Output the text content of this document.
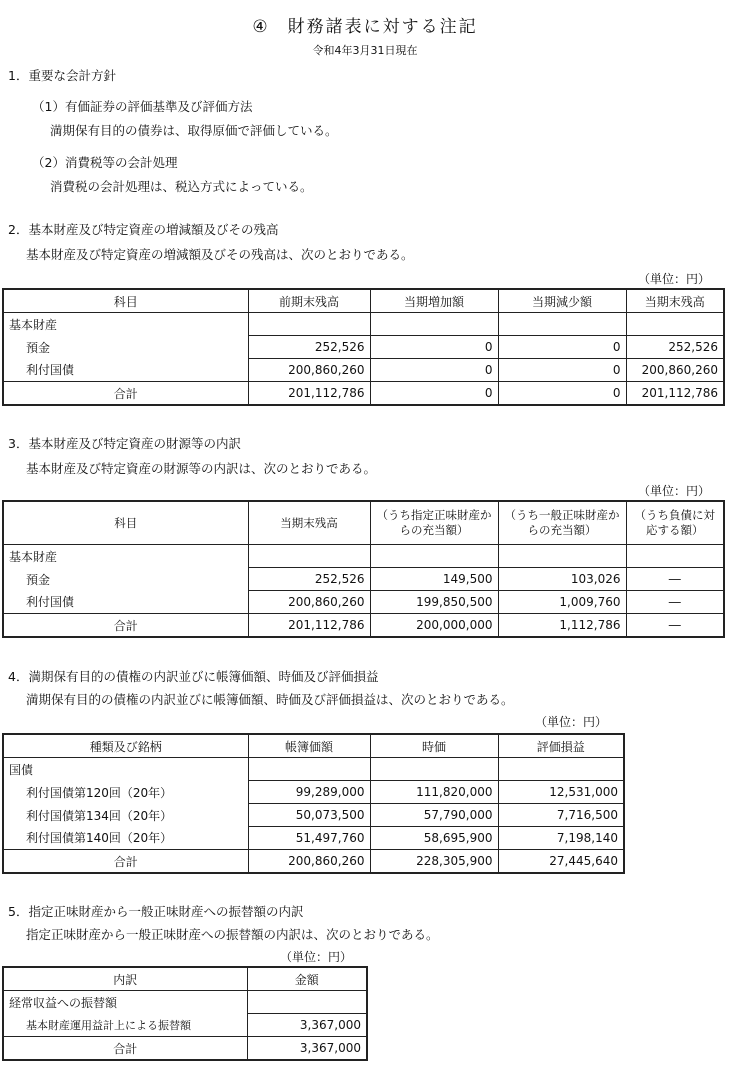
④ 財務諸表に対する注記
令和4年3月31日現在
1．重要な会計方針
（1）有価証券の評価基準及び評価方法
満期保有目的の債券は、取得原価で評価している。
（2）消費税等の会計処理
消費税の会計処理は、税込方式によっている。
2．基本財産及び特定資産の増減額及びその残高
基本財産及び特定資産の増減額及びその残高は、次のとおりである。
（単位：円）
科目	前期末残高	当期増加額	当期減少額	当期末残高
基本財産				
預金	252,526	0	0	252,526
利付国債	200,860,260	0	0	200,860,260
合計	201,112,786	0	0	201,112,786
3．基本財産及び特定資産の財源等の内訳
基本財産及び特定資産の財源等の内訳は、次のとおりである。
（単位：円）
科目	当期末残高	（うち指定正味財産からの充当額）	（うち一般正味財産からの充当額）	（うち負債に対応する額）
基本財産				
預金	252,526	149,500	103,026	―
利付国債	200,860,260	199,850,500	1,009,760	―
合計	201,112,786	200,000,000	1,112,786	―
4．満期保有目的の債権の内訳並びに帳簿価額、時価及び評価損益
満期保有目的の債権の内訳並びに帳簿価額、時価及び評価損益は、次のとおりである。
（単位：円）
種類及び銘柄	帳簿価額	時価	評価損益
国債			
利付国債第120回（20年）	99,289,000	111,820,000	12,531,000
利付国債第134回（20年）	50,073,500	57,790,000	7,716,500
利付国債第140回（20年）	51,497,760	58,695,900	7,198,140
合計	200,860,260	228,305,900	27,445,640
5．指定正味財産から一般正味財産への振替額の内訳
指定正味財産から一般正味財産への振替額の内訳は、次のとおりである。
（単位：円）
内訳	金額
経常収益への振替額	
基本財産運用益計上による振替額	3,367,000
合計	3,367,000
